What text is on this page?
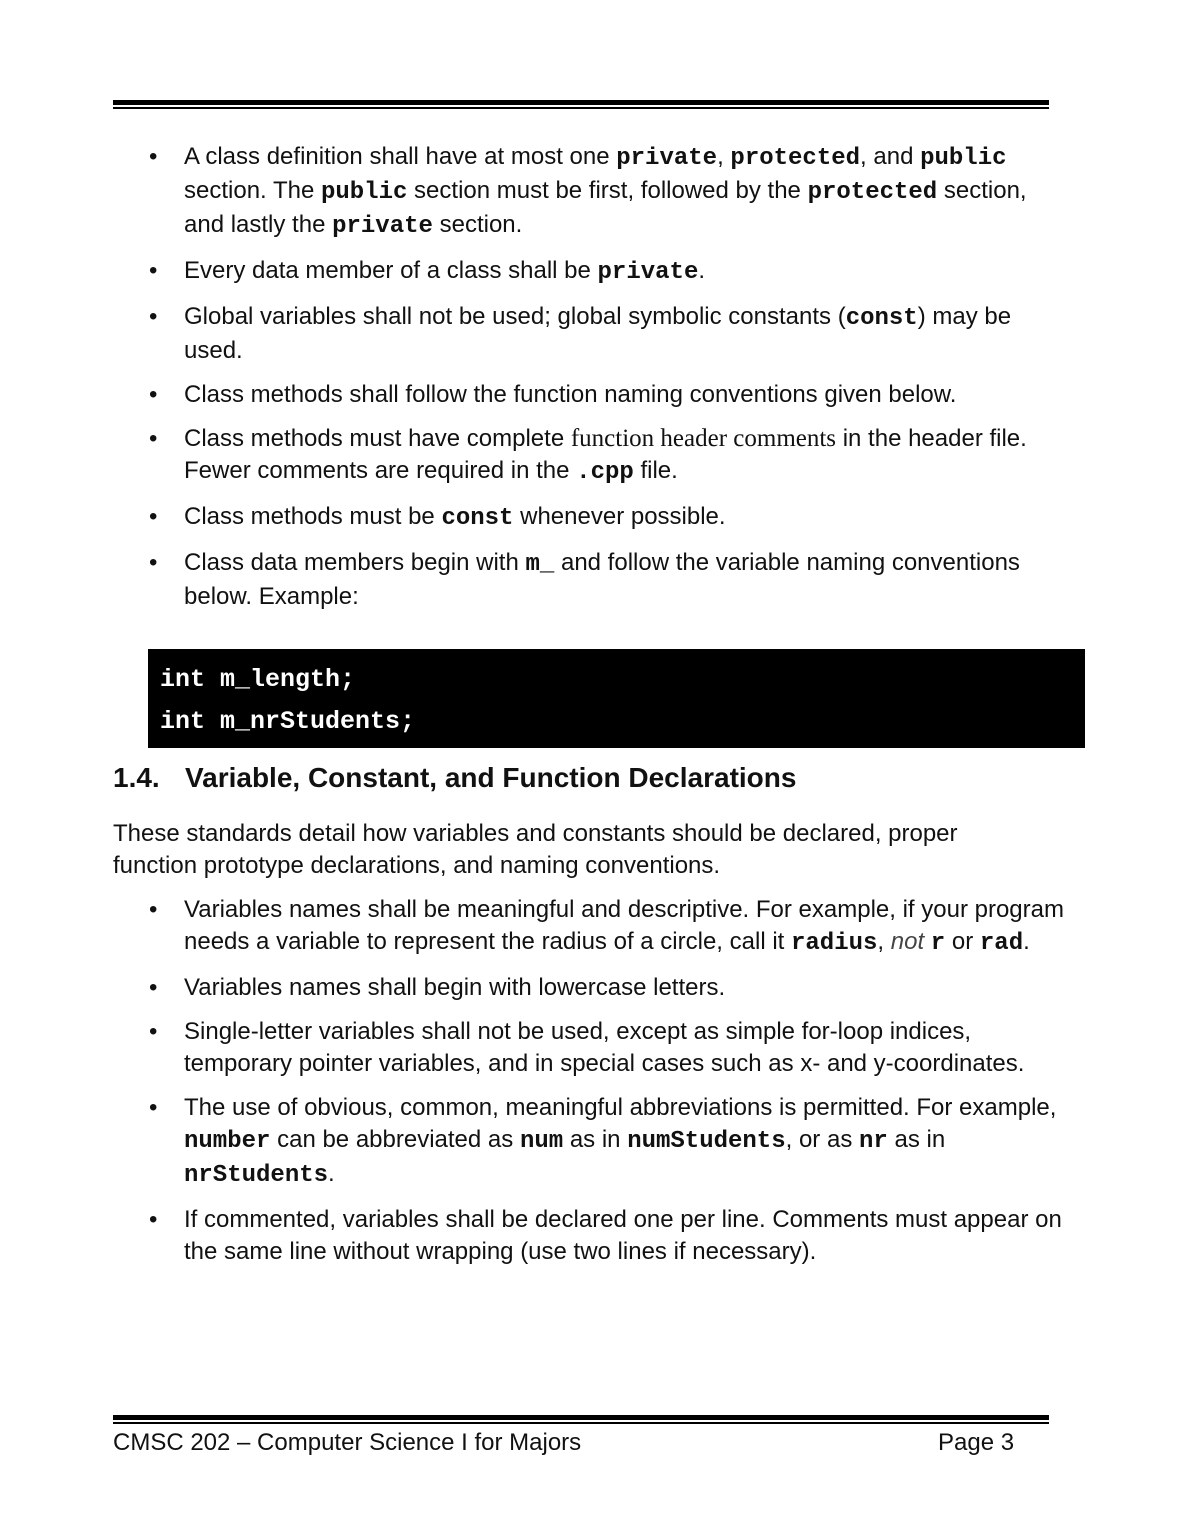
• A class definition shall have at most one private, protected, and public section. The public section must be first, followed by the protected section, and lastly the private section.
• Every data member of a class shall be private.
• Global variables shall not be used; global symbolic constants (const) may be used.
• Class methods shall follow the function naming conventions given below.
• Class methods must have complete function header comments in the header file. Fewer comments are required in the .cpp file.
• Class methods must be const whenever possible.
• Class data members begin with m_ and follow the variable naming conventions below. Example:
int m_length;
int m_nrStudents;
1.4. Variable, Constant, and Function Declarations

These standards detail how variables and constants should be declared, proper function prototype declarations, and naming conventions.

• Variables names shall be meaningful and descriptive. For example, if your program needs a variable to represent the radius of a circle, call it radius, not r or rad.
• Variables names shall begin with lowercase letters.
• Single-letter variables shall not be used, except as simple for-loop indices, temporary pointer variables, and in special cases such as x- and y-coordinates.
• The use of obvious, common, meaningful abbreviations is permitted. For example, number can be abbreviated as num as in numStudents, or as nr as in nrStudents.
• If commented, variables shall be declared one per line. Comments must appear on the same line without wrapping (use two lines if necessary).
CMSC 202 – Computer Science I for Majors	Page 3
